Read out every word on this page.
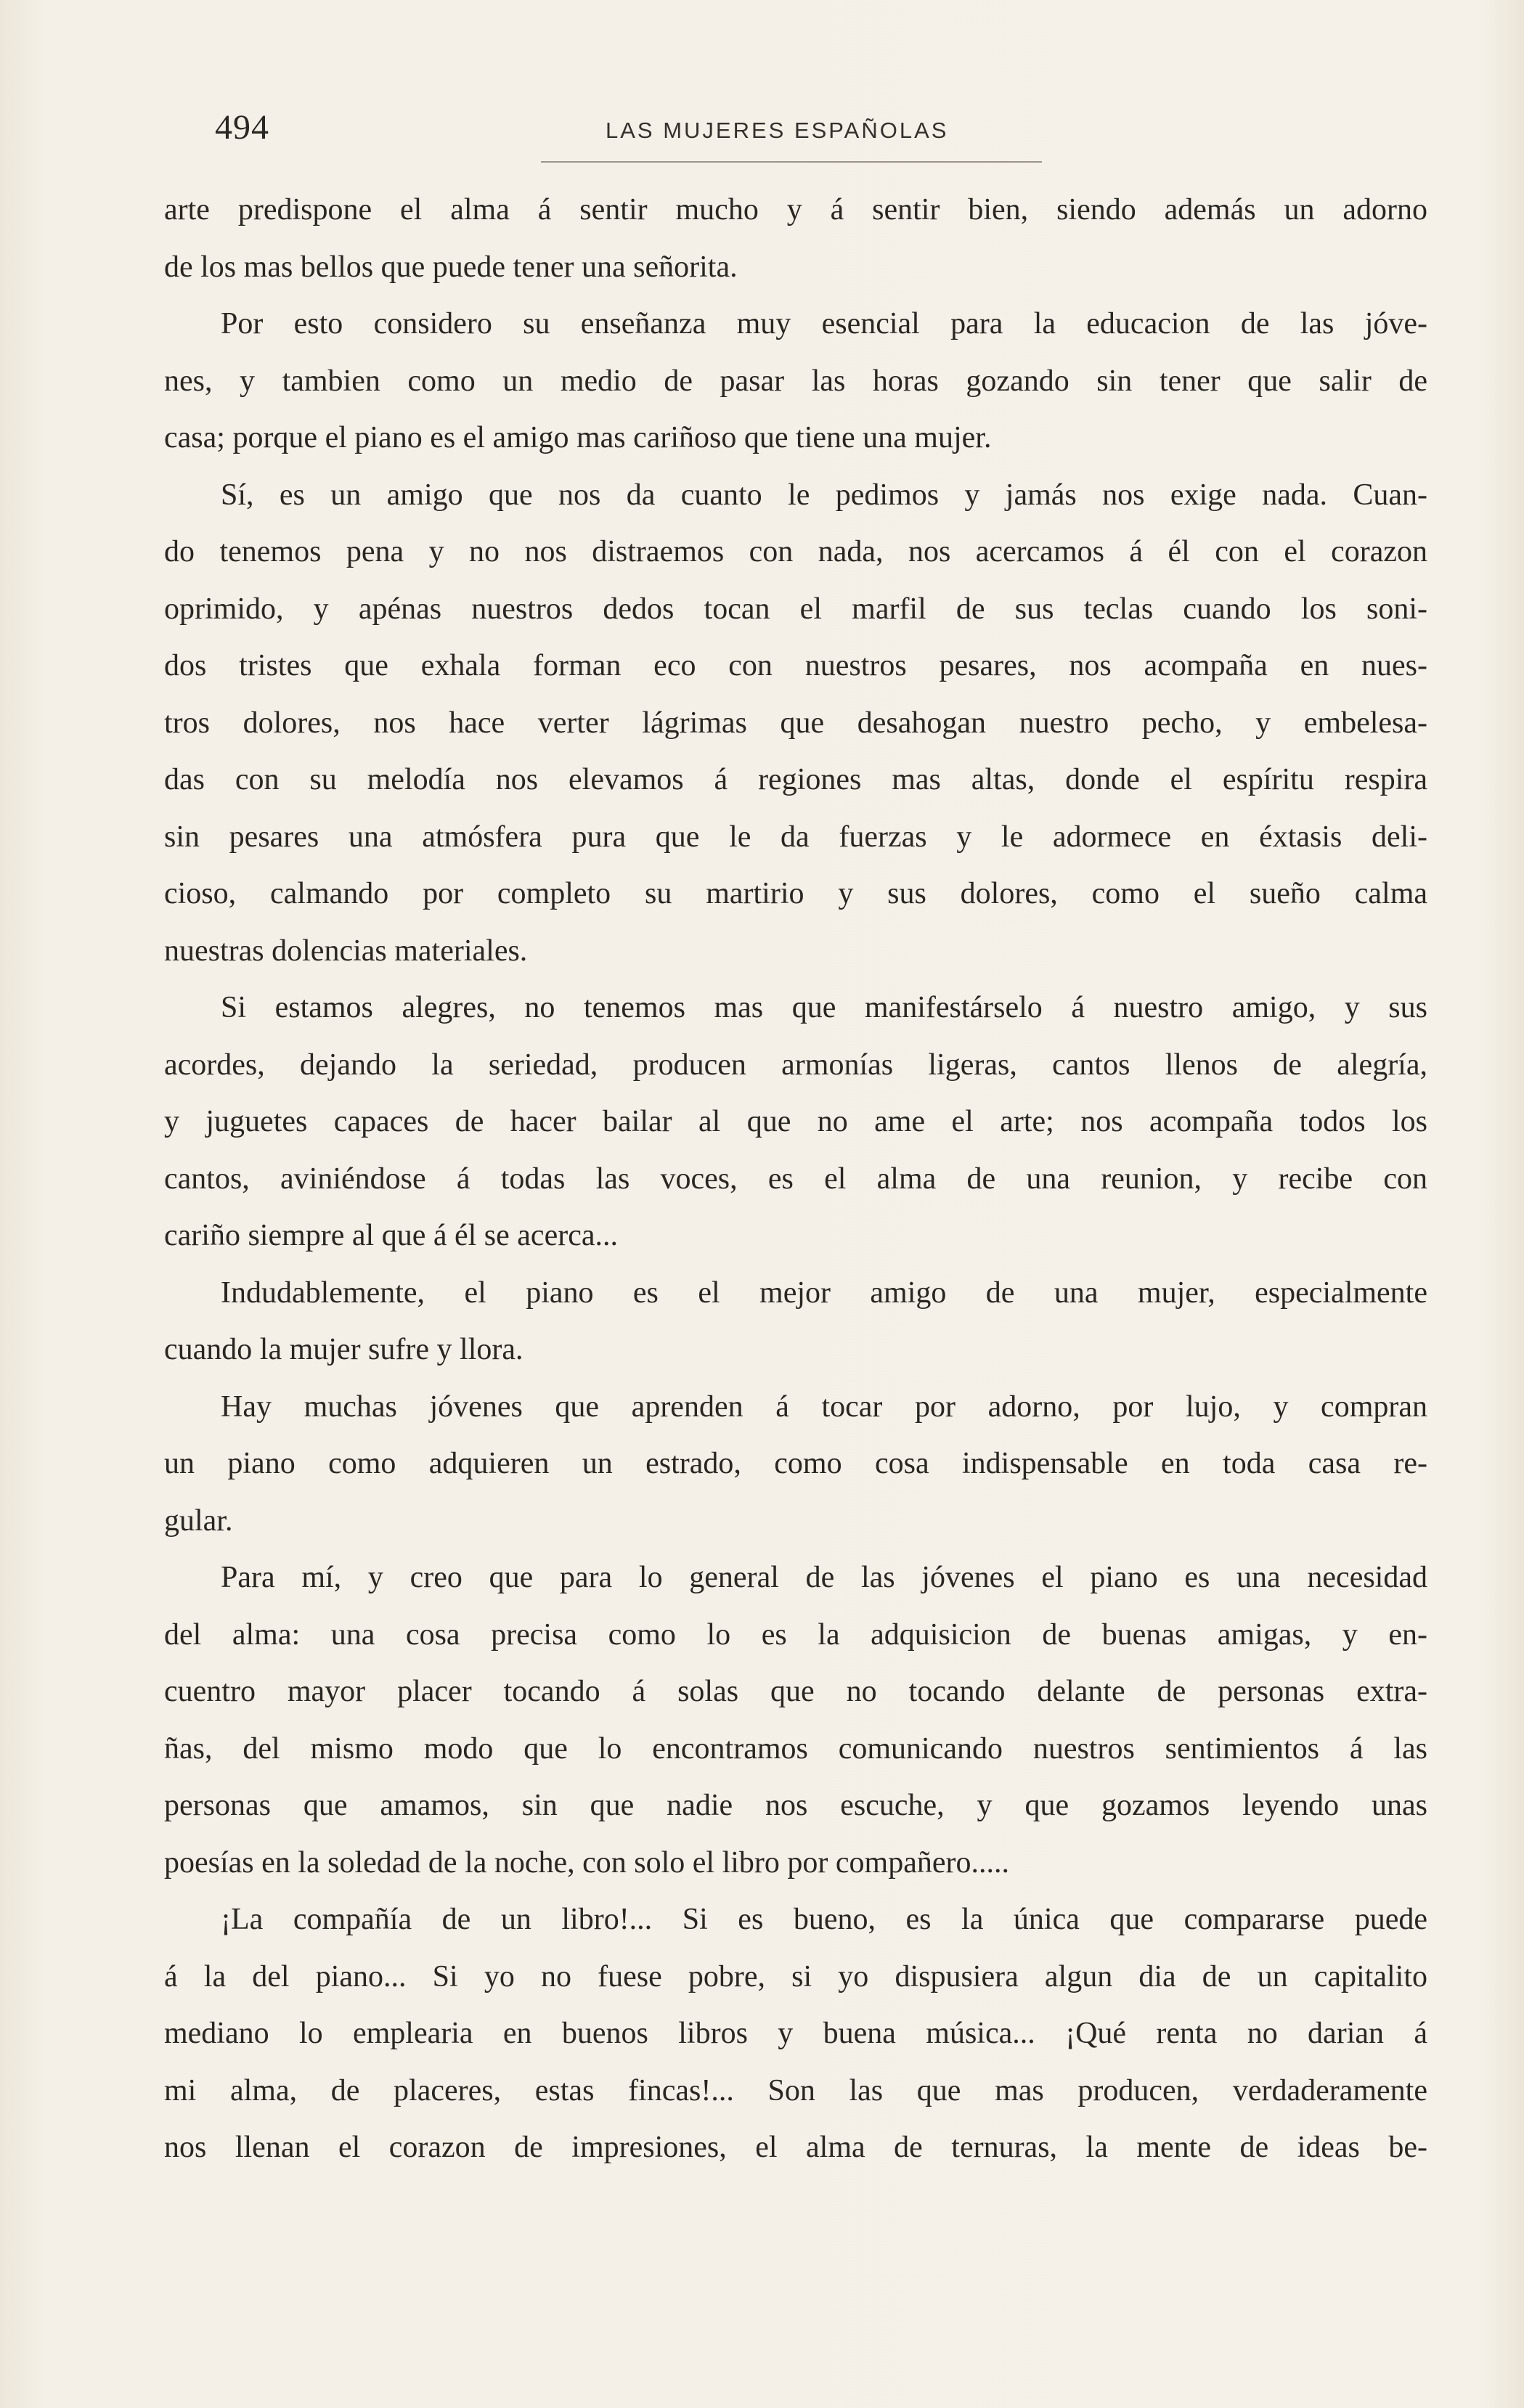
494	LAS MUJERES ESPAÑOLAS
arte predispone el alma á sentir mucho y á sentir bien, siendo además un adorno
de los mas bellos que puede tener una señorita.
Por esto considero su enseñanza muy esencial para la educacion de las jóve-
nes, y tambien como un medio de pasar las horas gozando sin tener que salir de
casa; porque el piano es el amigo mas cariñoso que tiene una mujer.
Sí, es un amigo que nos da cuanto le pedimos y jamás nos exige nada. Cuan-
do tenemos pena y no nos distraemos con nada, nos acercamos á él con el corazon
oprimido, y apénas nuestros dedos tocan el marfil de sus teclas cuando los soni-
dos tristes que exhala forman eco con nuestros pesares, nos acompaña en nues-
tros dolores, nos hace verter lágrimas que desahogan nuestro pecho, y embelesa-
das con su melodía nos elevamos á regiones mas altas, donde el espíritu respira
sin pesares una atmósfera pura que le da fuerzas y le adormece en éxtasis deli-
cioso, calmando por completo su martirio y sus dolores, como el sueño calma
nuestras dolencias materiales.
Si estamos alegres, no tenemos mas que manifestárselo á nuestro amigo, y sus
acordes, dejando la seriedad, producen armonías ligeras, cantos llenos de alegría,
y juguetes capaces de hacer bailar al que no ame el arte; nos acompaña todos los
cantos, aviniéndose á todas las voces, es el alma de una reunion, y recibe con
cariño siempre al que á él se acerca...
Indudablemente, el piano es el mejor amigo de una mujer, especialmente
cuando la mujer sufre y llora.
Hay muchas jóvenes que aprenden á tocar por adorno, por lujo, y compran
un piano como adquieren un estrado, como cosa indispensable en toda casa re-
gular.
Para mí, y creo que para lo general de las jóvenes el piano es una necesidad
del alma: una cosa precisa como lo es la adquisicion de buenas amigas, y en-
cuentro mayor placer tocando á solas que no tocando delante de personas extra-
ñas, del mismo modo que lo encontramos comunicando nuestros sentimientos á las
personas que amamos, sin que nadie nos escuche, y que gozamos leyendo unas
poesías en la soledad de la noche, con solo el libro por compañero.....
¡La compañía de un libro!... Si es bueno, es la única que compararse puede
á la del piano... Si yo no fuese pobre, si yo dispusiera algun dia de un capitalito
mediano lo emplearia en buenos libros y buena música... ¡Qué renta no darian á
mi alma, de placeres, estas fincas!... Son las que mas producen, verdaderamente
nos llenan el corazon de impresiones, el alma de ternuras, la mente de ideas be-
